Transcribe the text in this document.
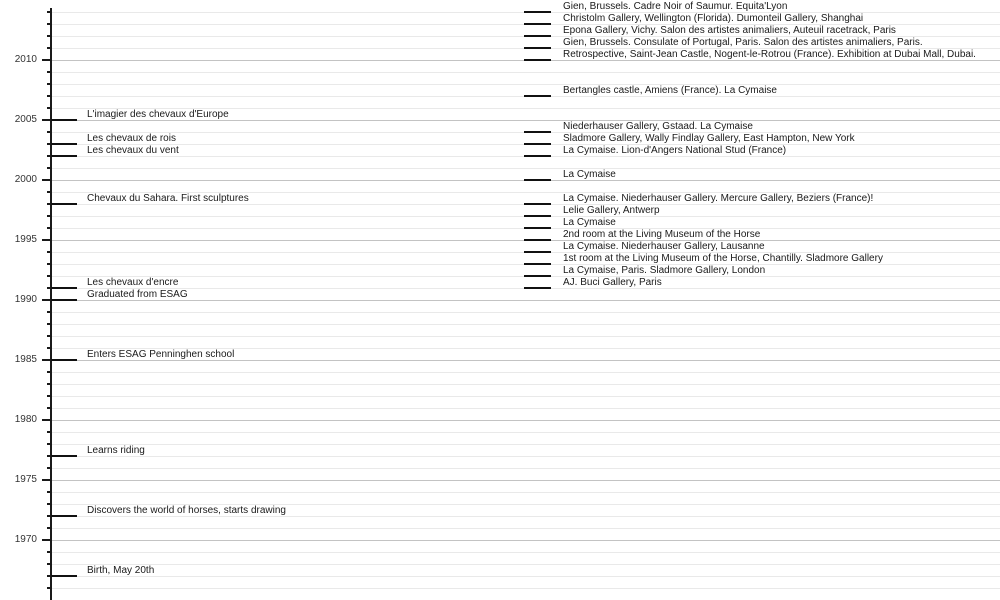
1970
1975
1980
1985
1990
1995
2000
2005
2010
L'imagier des chevaux d'Europe
Les chevaux de rois
Les chevaux du vent
Chevaux du Sahara. First sculptures
Les chevaux d'encre
Graduated from ESAG
Enters ESAG Penninghen school
Learns riding
Discovers the world of horses, starts drawing
Birth, May 20th
Gien, Brussels. Cadre Noir of Saumur. Equita'Lyon
Christolm Gallery, Wellington (Florida). Dumonteil Gallery, Shanghai
Epona Gallery, Vichy. Salon des artistes animaliers, Auteuil racetrack, Paris
Gien, Brussels. Consulate of Portugal, Paris. Salon des artistes animaliers, Paris.
Retrospective, Saint-Jean Castle, Nogent-le-Rotrou (France). Exhibition at Dubai Mall, Dubai.
Bertangles castle, Amiens (France). La Cymaise
Niederhauser Gallery, Gstaad. La Cymaise
Sladmore Gallery, Wally Findlay Gallery, East Hampton, New York
La Cymaise. Lion-d'Angers National Stud (France)
La Cymaise
La Cymaise. Niederhauser Gallery. Mercure Gallery, Beziers (France)!
Lelie Gallery, Antwerp
La Cymaise
2nd room at the Living Museum of the Horse
La Cymaise. Niederhauser Gallery, Lausanne
1st room at the Living Museum of the Horse, Chantilly. Sladmore Gallery
La Cymaise, Paris. Sladmore Gallery, London
AJ. Buci Gallery, Paris
